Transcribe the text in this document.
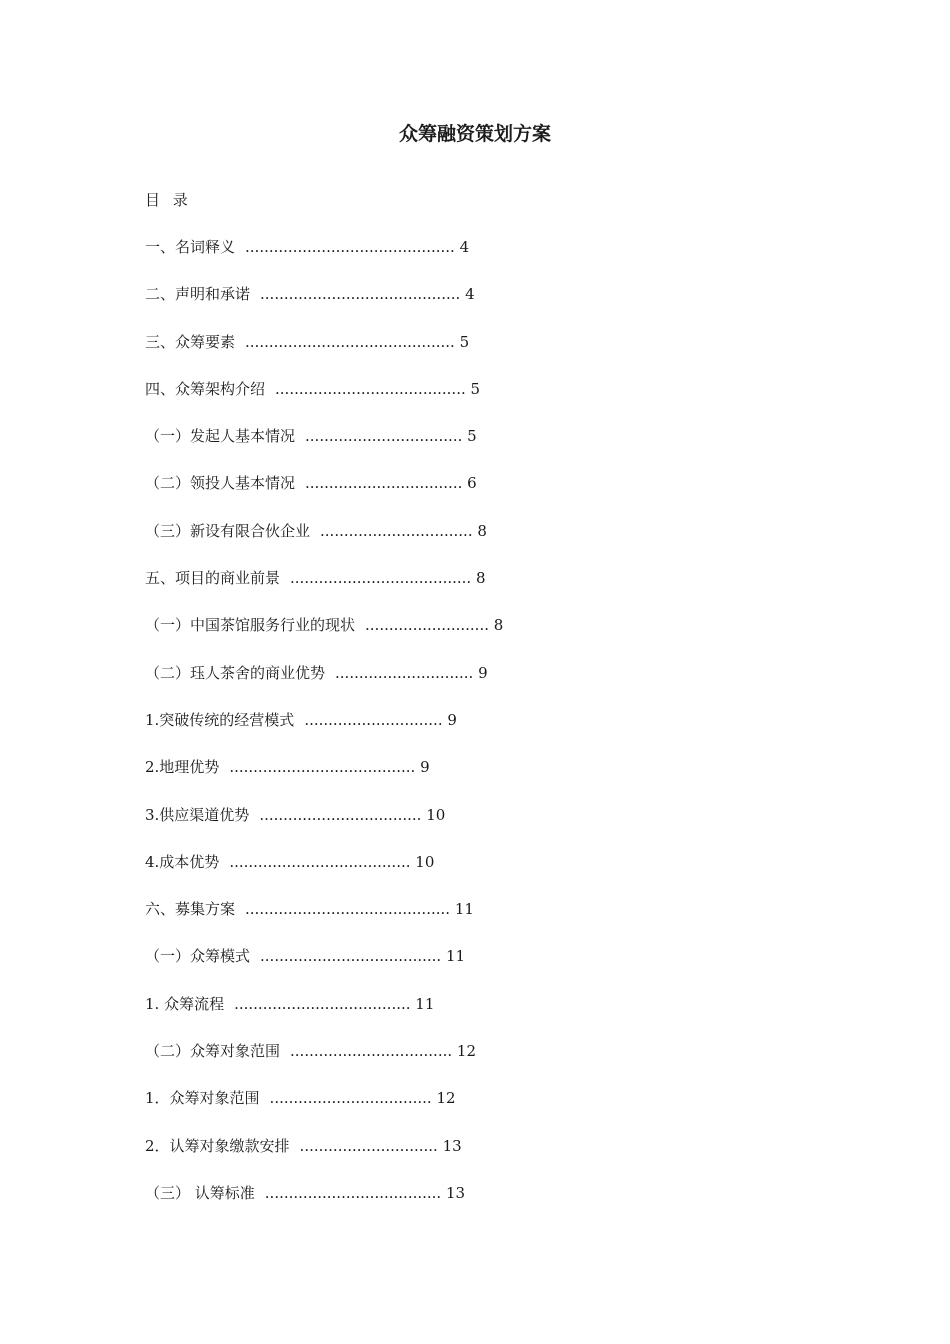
众筹融资策划方案
目 录
一、名词释义 ............................................ 4
二、声明和承诺 .......................................... 4
三、众筹要素 ............................................ 5
四、众筹架构介绍 ........................................ 5
（一）发起人基本情况 ................................. 5
（二）领投人基本情况 ................................. 6
（三）新设有限合伙企业 ................................ 8
五、项目的商业前景 ...................................... 8
（一）中国茶馆服务行业的现状 .......................... 8
（二）珏人茶舍的商业优势 ............................. 9
1.突破传统的经营模式 ............................. 9
2.地理优势 ....................................... 9
3.供应渠道优势 .................................. 10
4.成本优势 ...................................... 10
六、募集方案 ........................................... 11
（一）众筹模式 ...................................... 11
1. 众筹流程 ..................................... 11
（二）众筹对象范围 .................................. 12
1．众筹对象范围 .................................. 12
2．认筹对象缴款安排 ............................. 13
（三） 认筹标准 ..................................... 13
